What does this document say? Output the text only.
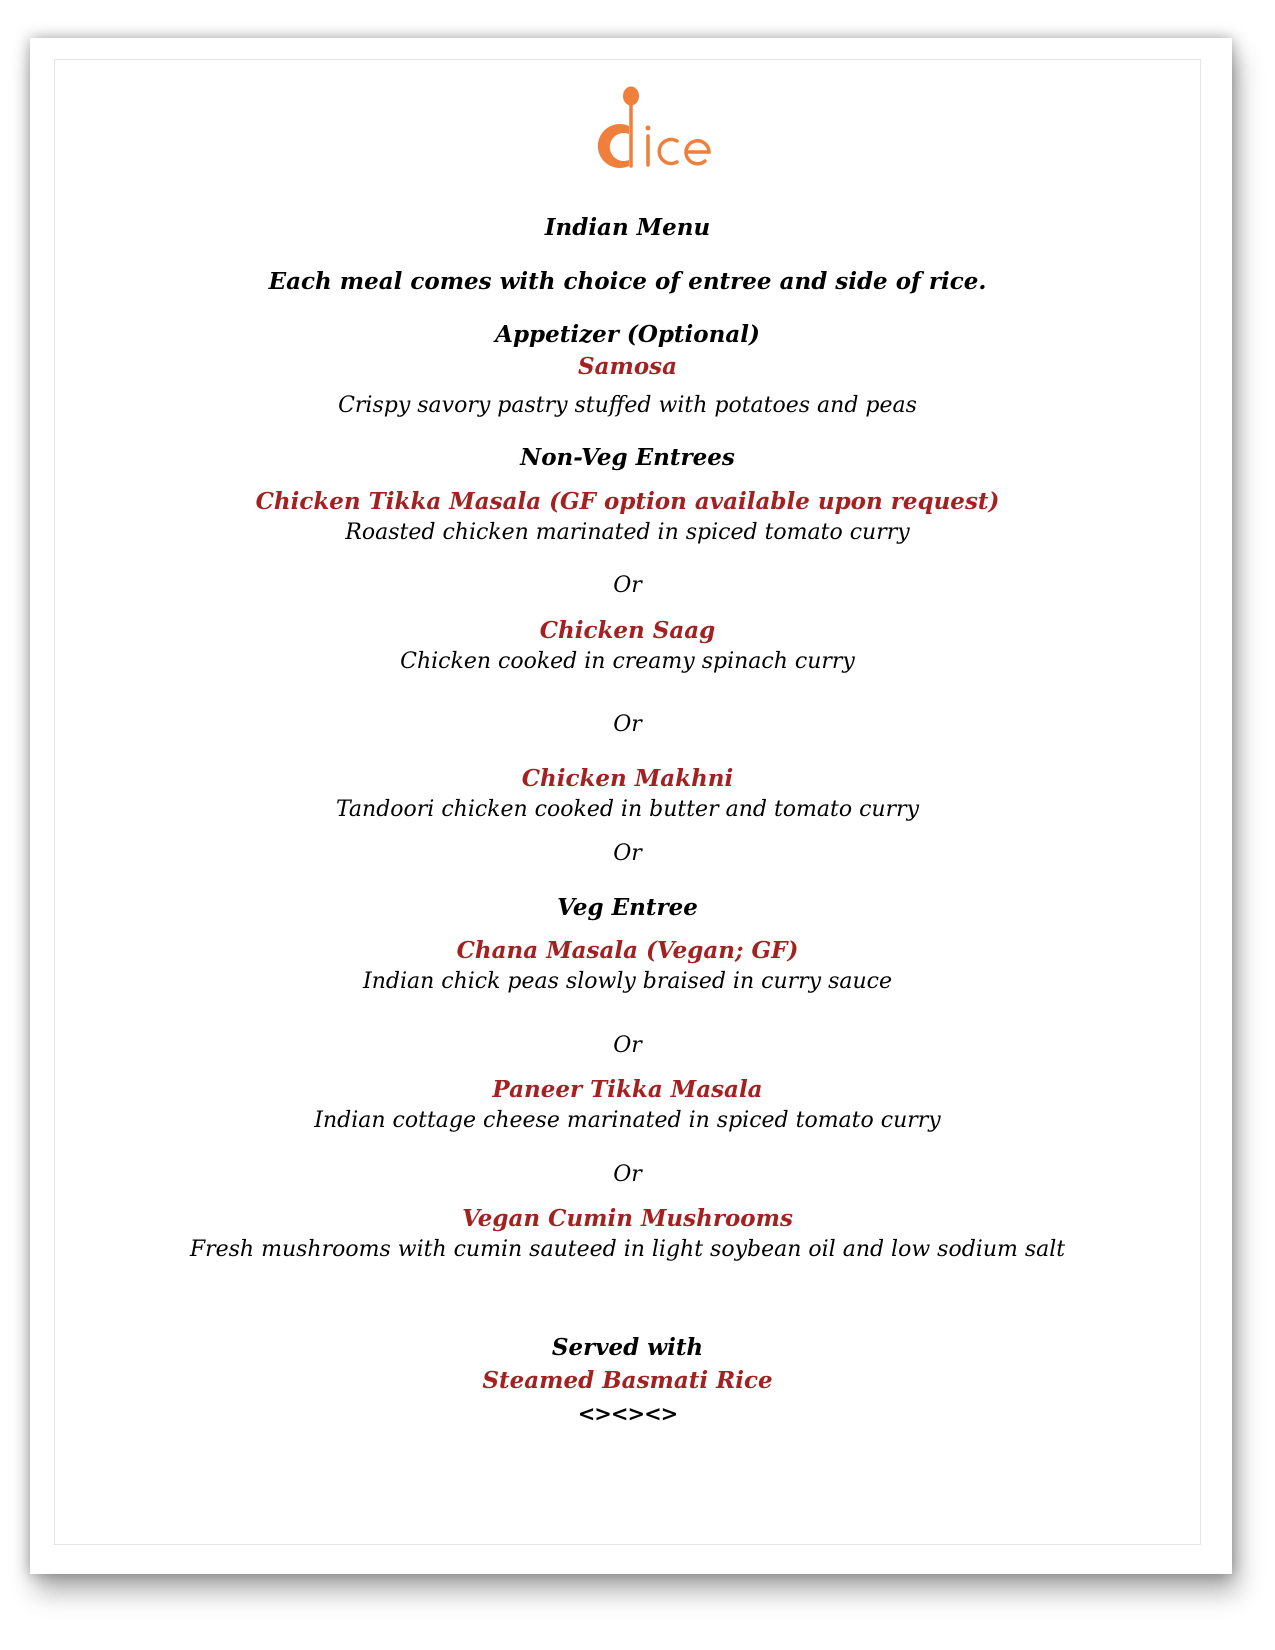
Indian Menu
Each meal comes with choice of entree and side of rice.
Appetizer (Optional)
Samosa
Crispy savory pastry stuffed with potatoes and peas
Non-Veg Entrees
Chicken Tikka Masala (GF option available upon request)
Roasted chicken marinated in spiced tomato curry
Or
Chicken Saag
Chicken cooked in creamy spinach curry
Or
Chicken Makhni
Tandoori chicken cooked in butter and tomato curry
Or
Veg Entree
Chana Masala (Vegan; GF)
Indian chick peas slowly braised in curry sauce
Or
Paneer Tikka Masala
Indian cottage cheese marinated in spiced tomato curry
Or
Vegan Cumin Mushrooms
Fresh mushrooms with cumin sauteed in light soybean oil and low sodium salt
Served with
Steamed Basmati Rice
<><><>
